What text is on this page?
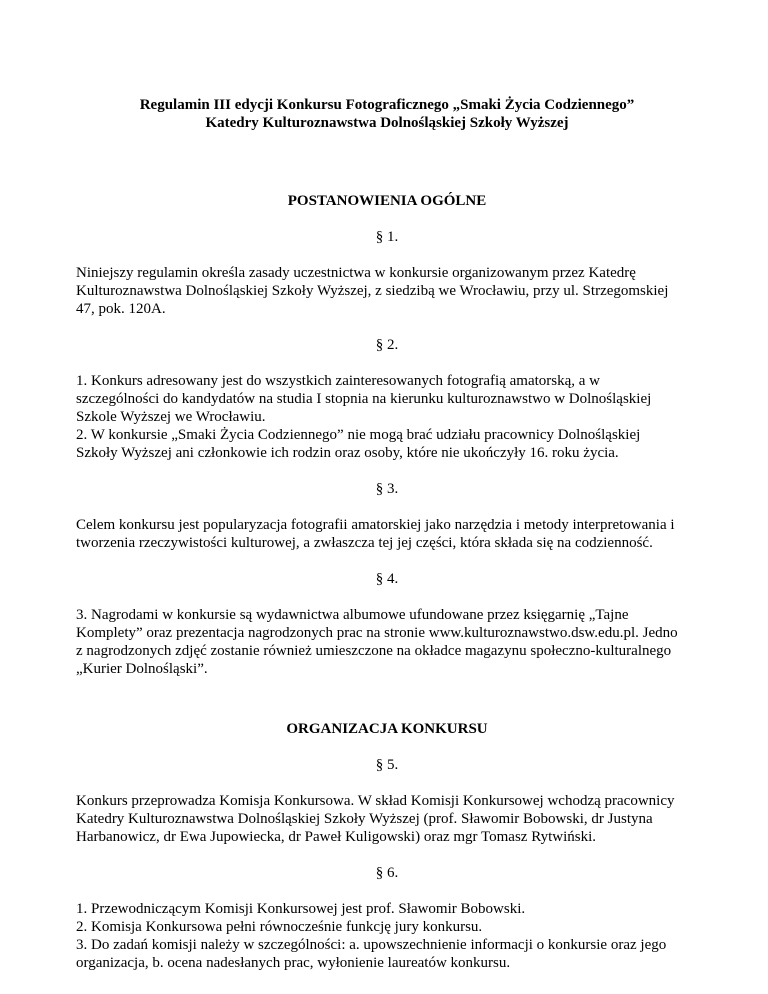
Regulamin III edycji Konkursu Fotograficznego „Smaki Życia Codziennego”
Katedry Kulturoznawstwa Dolnośląskiej Szkoły Wyższej
POSTANOWIENIA OGÓLNE
§ 1.
Niniejszy regulamin określa zasady uczestnictwa w konkursie organizowanym przez Katedrę
Kulturoznawstwa Dolnośląskiej Szkoły Wyższej, z siedzibą we Wrocławiu, przy ul. Strzegomskiej
47, pok. 120A.
§ 2.
1. Konkurs adresowany jest do wszystkich zainteresowanych fotografią amatorską, a w
szczególności do kandydatów na studia I stopnia na kierunku kulturoznawstwo w Dolnośląskiej
Szkole Wyższej we Wrocławiu.
2. W konkursie „Smaki Życia Codziennego” nie mogą brać udziału pracownicy Dolnośląskiej
Szkoły Wyższej ani członkowie ich rodzin oraz osoby, które nie ukończyły 16. roku życia.
§ 3.
Celem konkursu jest popularyzacja fotografii amatorskiej jako narzędzia i metody interpretowania i
tworzenia rzeczywistości kulturowej, a zwłaszcza tej jej części, która składa się na codzienność.
§ 4.
3. Nagrodami w konkursie są wydawnictwa albumowe ufundowane przez księgarnię „Tajne
Komplety” oraz prezentacja nagrodzonych prac na stronie www.kulturoznawstwo.dsw.edu.pl. Jedno
z nagrodzonych zdjęć zostanie również umieszczone na okładce magazynu społeczno-kulturalnego
„Kurier Dolnośląski”.
ORGANIZACJA KONKURSU
§ 5.
Konkurs przeprowadza Komisja Konkursowa. W skład Komisji Konkursowej wchodzą pracownicy
Katedry Kulturoznawstwa Dolnośląskiej Szkoły Wyższej (prof. Sławomir Bobowski, dr Justyna
Harbanowicz, dr Ewa Jupowiecka, dr Paweł Kuligowski) oraz mgr Tomasz Rytwiński.
§ 6.
1. Przewodniczącym Komisji Konkursowej jest prof. Sławomir Bobowski.
2. Komisja Konkursowa pełni równocześnie funkcję jury konkursu.
3. Do zadań komisji należy w szczególności: a. upowszechnienie informacji o konkursie oraz jego
organizacja, b. ocena nadesłanych prac, wyłonienie laureatów konkursu.
